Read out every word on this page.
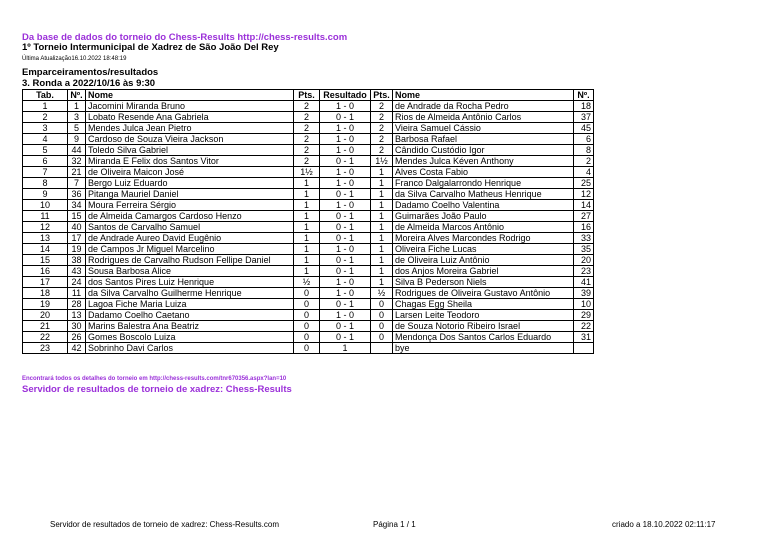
Da base de dados do torneio do Chess-Results http://chess-results.com
1º Torneio Intermunicipal de Xadrez de São João Del Rey
Última Atualização16.10.2022 18:48:19
Emparceiramentos/resultados
3. Ronda a 2022/10/16 às 9:30
Tab.	Nº.	Nome	Pts.	Resultado	Pts.	Nome	Nº.
1	1	Jacomini Miranda Bruno	2	1 - 0	2	de Andrade da Rocha Pedro	18
2	3	Lobato Resende Ana Gabriela	2	0 - 1	2	Rios de Almeida Antônio Carlos	37
3	5	Mendes Julca Jean Pietro	2	1 - 0	2	Vieira Samuel Cássio	45
4	9	Cardoso de Souza Vieira Jackson	2	1 - 0	2	Barbosa Rafael	6
5	44	Toledo Silva Gabriel	2	1 - 0	2	Cândido Custódio Igor	8
6	32	Miranda E Felix dos Santos Vitor	2	0 - 1	1½	Mendes Julca Kéven Anthony	2
7	21	de Oliveira Maicon José	1½	1 - 0	1	Alves Costa Fabio	4
8	7	Bergo Luiz Eduardo	1	1 - 0	1	Franco Dalgalarrondo Henrique	25
9	36	Pitanga Mauriel Daniel	1	0 - 1	1	da Silva Carvalho Matheus Henrique	12
10	34	Moura Ferreira Sérgio	1	1 - 0	1	Dadamo Coelho Valentina	14
11	15	de Almeida Camargos Cardoso Henzo	1	0 - 1	1	Guimarães João Paulo	27
12	40	Santos de Carvalho Samuel	1	0 - 1	1	de Almeida Marcos Antônio	16
13	17	de Andrade Aureo David Eugênio	1	0 - 1	1	Moreira Alves Marcondes Rodrigo	33
14	19	de Campos Jr Miguel Marcelino	1	1 - 0	1	Oliveira Fiche Lucas	35
15	38	Rodrigues de Carvalho Rudson Fellipe Daniel	1	0 - 1	1	de Oliveira Luiz Antônio	20
16	43	Sousa Barbosa Alice	1	0 - 1	1	dos Anjos Moreira Gabriel	23
17	24	dos Santos Pires Luiz Henrique	½	1 - 0	1	Silva B Pederson Niels	41
18	11	da Silva Carvalho Guilherme Henrique	0	1 - 0	½	Rodrigues de Oliveira Gustavo Antônio	39
19	28	Lagoa Fiche Maria Luiza	0	0 - 1	0	Chagas Egg Sheila	10
20	13	Dadamo Coelho Caetano	0	1 - 0	0	Larsen Leite Teodoro	29
21	30	Marins Balestra Ana Beatriz	0	0 - 1	0	de Souza Notorio Ribeiro Israel	22
22	26	Gomes Boscolo Luiza	0	0 - 1	0	Mendonça Dos Santos Carlos Eduardo	31
23	42	Sobrinho Davi Carlos	0	1		bye	
Encontrará todos os detalhes do torneio em http://chess-results.com/tnr670356.aspx?lan=10
Servidor de resultados de torneio de xadrez: Chess-Results
Servidor de resultados de torneio de xadrez: Chess-Results.com	Página 1 / 1	criado a 18.10.2022 02:11:17
